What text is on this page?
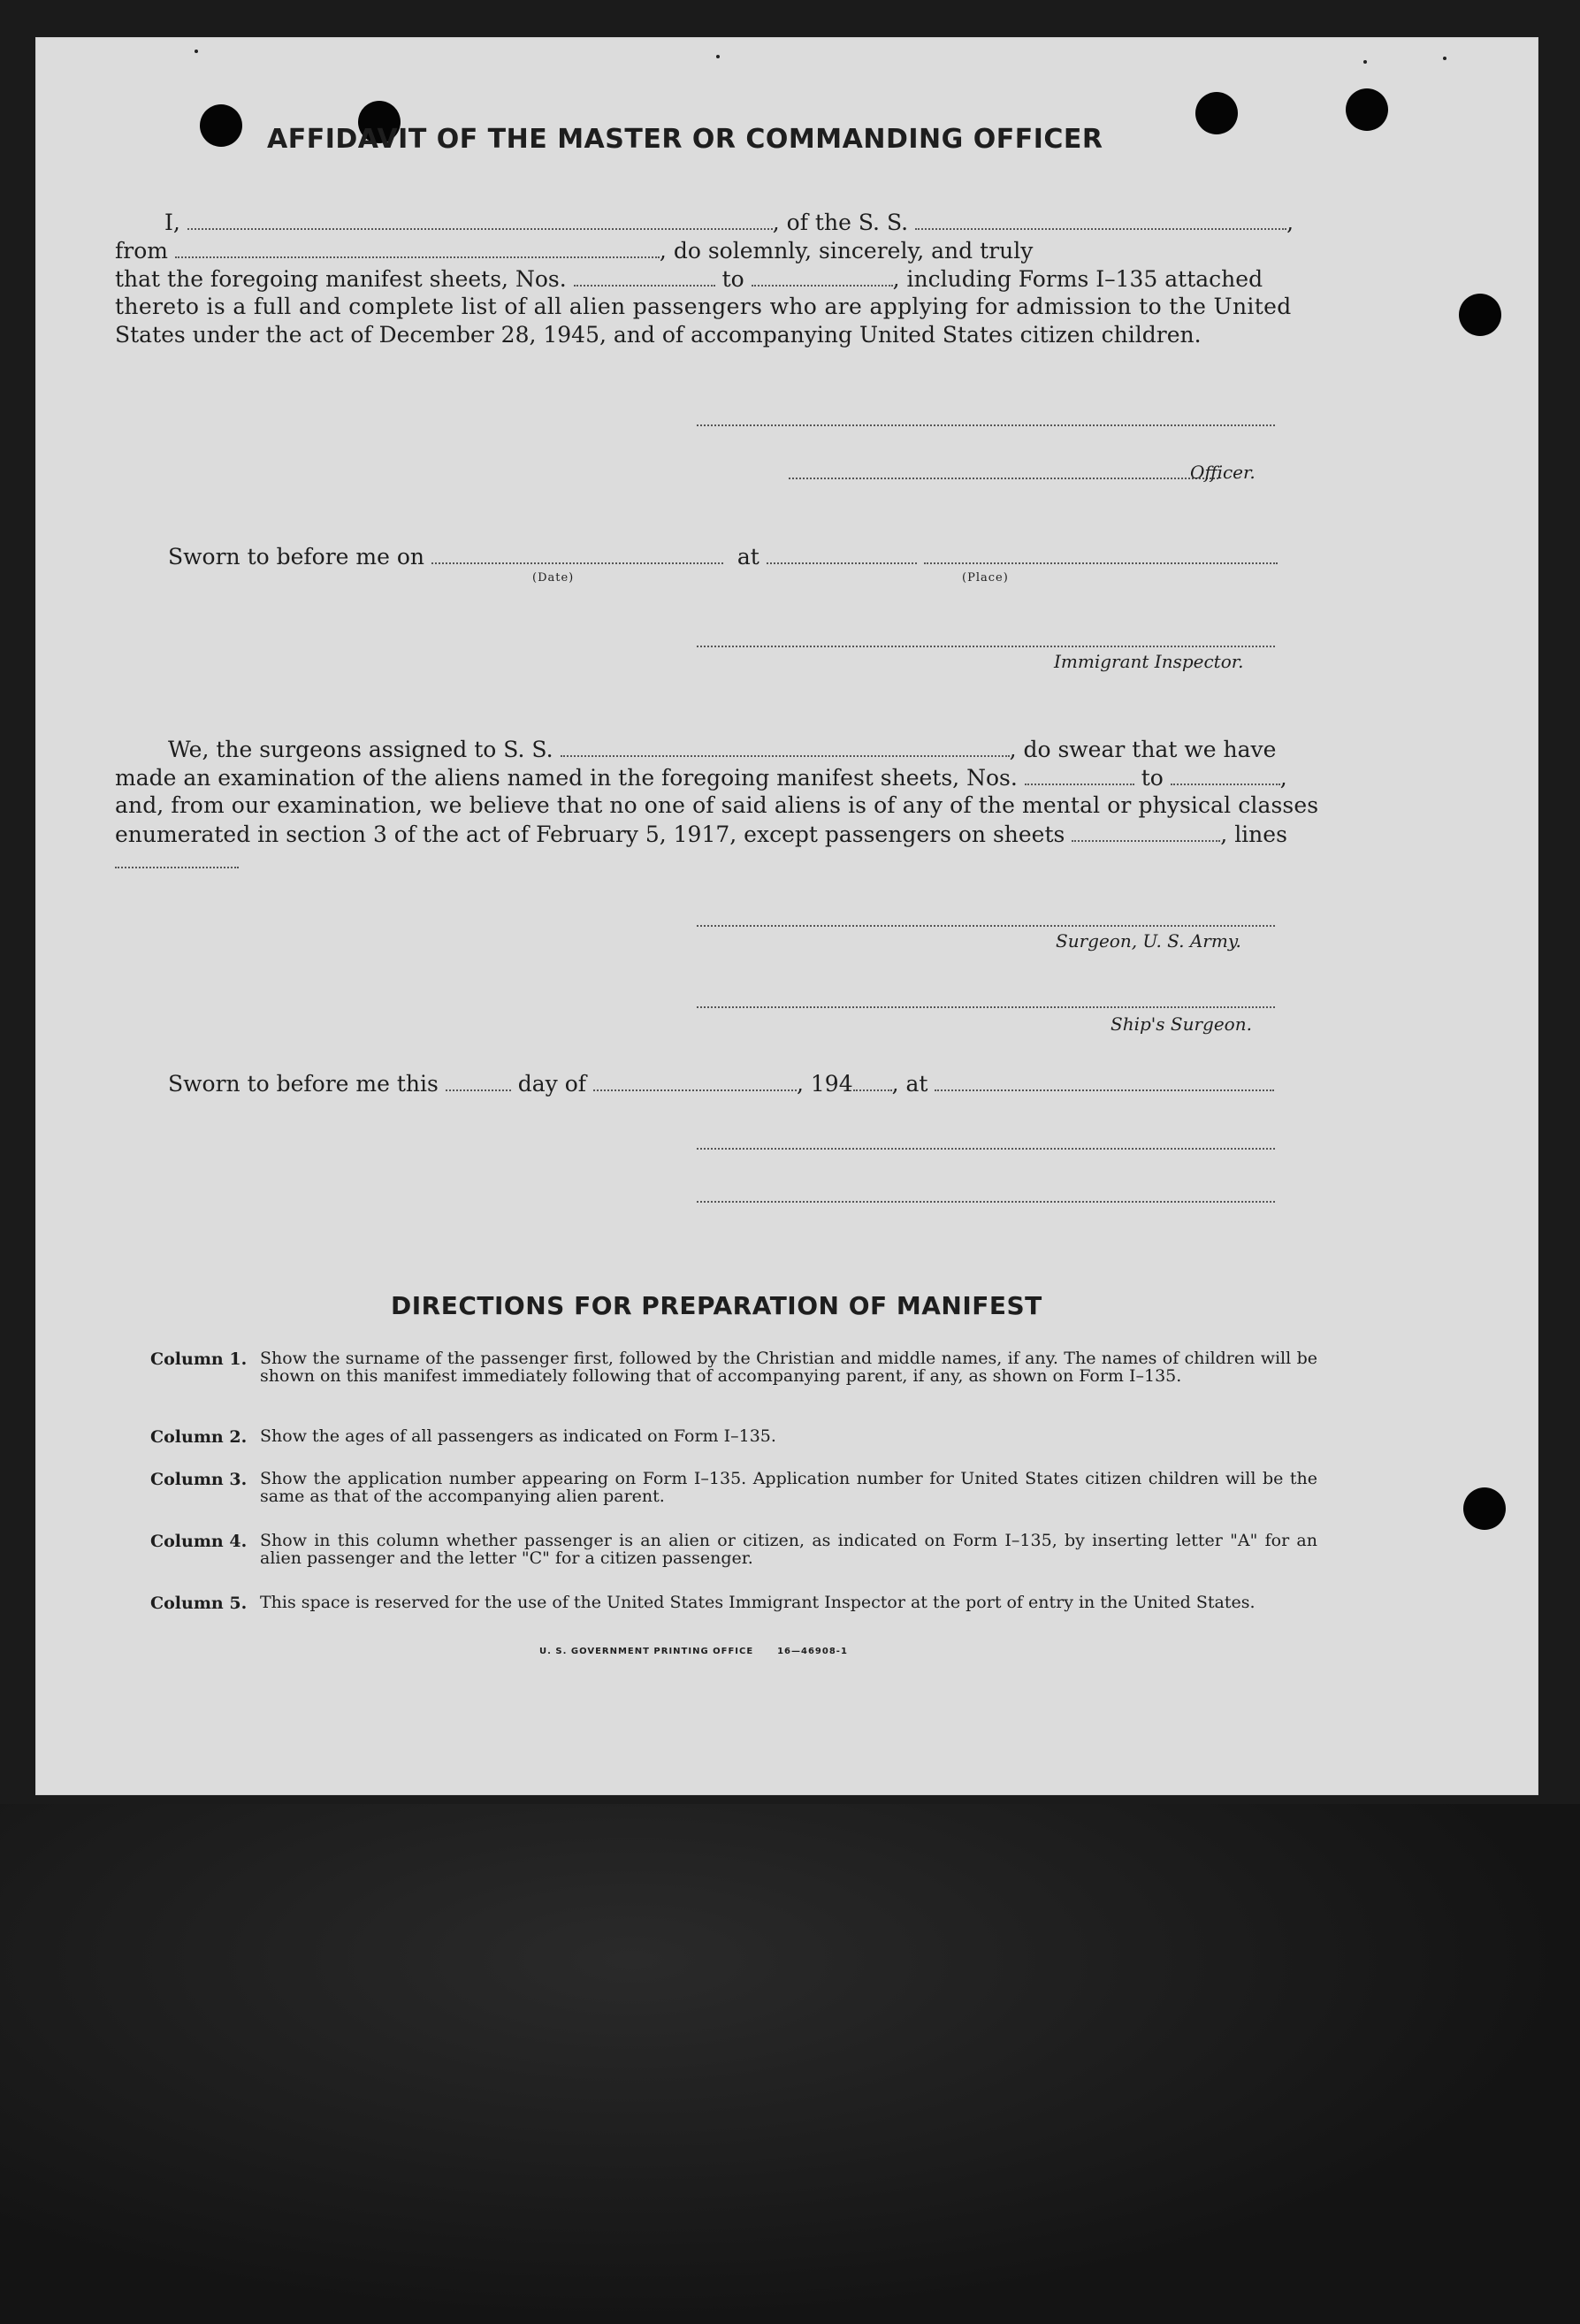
AFFIDAVIT OF THE MASTER OR COMMANDING OFFICER
I,	, of the S. S.	,
from	, do solemnly, sincerely, and truly
that the foregoing manifest sheets, Nos.	to	, including Forms I–135 attached
thereto is a full and complete list of all alien passengers who are applying for admission to the United
States under the act of December 28, 1945, and of accompanying United States citizen children.
Officer.
Sworn to before me on	at
(Date)	(Place)
Immigrant Inspector.
We, the surgeons assigned to S. S.	, do swear that we have
made an examination of the aliens named in the foregoing manifest sheets, Nos.	to	,
and, from our examination, we believe that no one of said aliens is of any of the mental or physical classes
enumerated in section 3 of the act of February 5, 1917, except passengers on sheets	, lines
Surgeon, U. S. Army.
Ship's Surgeon.
Sworn to before me this	day of	, 194 , at
DIRECTIONS FOR PREPARATION OF MANIFEST
Column 1. Show the surname of the passenger first, followed by the Christian and middle names, if any. The names of children will be shown on this manifest immediately following that of accompanying parent, if any, as shown on Form I–135.
Column 2. Show the ages of all passengers as indicated on Form I–135.
Column 3. Show the application number appearing on Form I–135. Application number for United States citizen children will be the same as that of the accompanying alien parent.
Column 4. Show in this column whether passenger is an alien or citizen, as indicated on Form I–135, by inserting letter "A" for an alien passenger and the letter "C" for a citizen passenger.
Column 5. This space is reserved for the use of the United States Immigrant Inspector at the port of entry in the United States.
U. S. GOVERNMENT PRINTING OFFICE	16—46908-1
